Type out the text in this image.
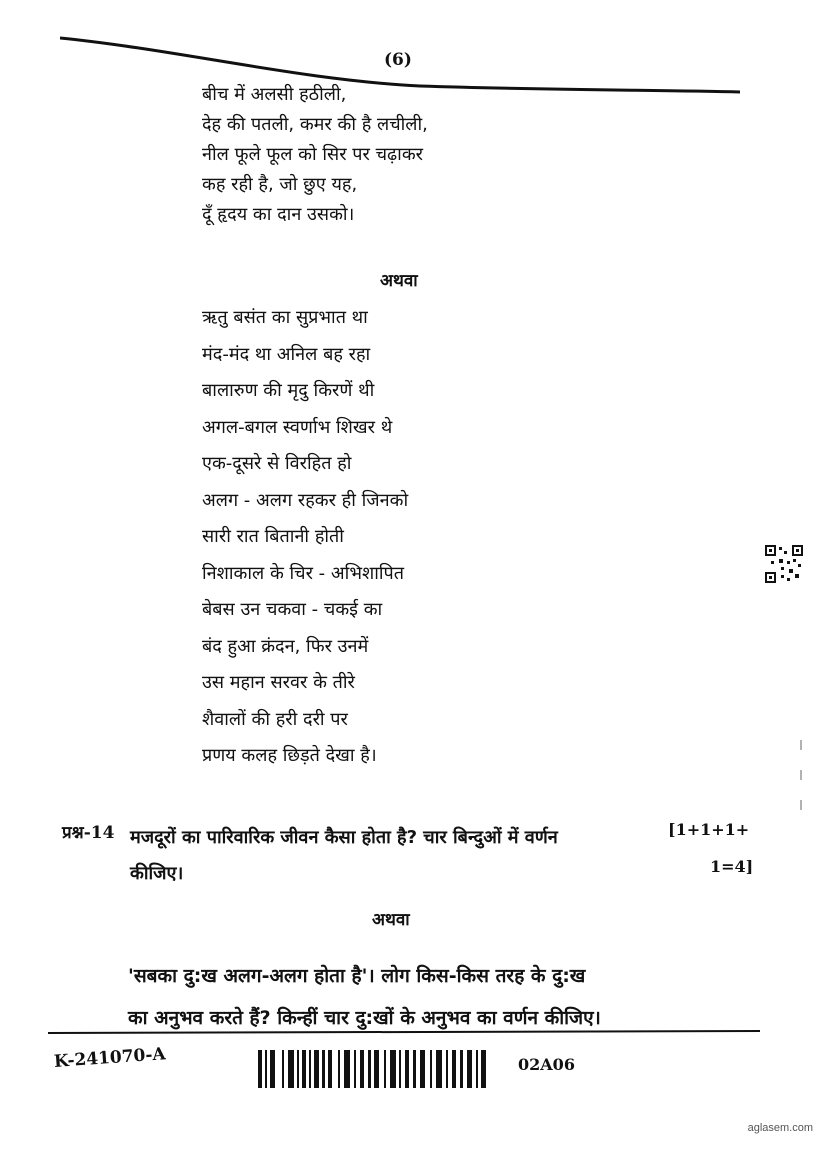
(6)
बीच में अलसी हठीली,
देह की पतली, कमर की है लचीली,
नील फूले फूल को सिर पर चढ़ाकर
कह रही है, जो छुए यह,
दूँ हृदय का दान उसको।
अथवा
ऋतु बसंत का सुप्रभात था
मंद-मंद था अनिल बह रहा
बालारुण की मृदु किरणें थी
अगल-बगल स्वर्णाभ शिखर थे
एक-दूसरे से विरहित हो
अलग - अलग रहकर ही जिनको
सारी रात बितानी होती
निशाकाल के चिर - अभिशापित
बेबस उन चकवा - चकई का
बंद हुआ क्रंदन, फिर उनमें
उस महान सरवर के तीरे
शैवालों की हरी दरी पर
प्रणय कलह छिड़ते देखा है।
प्रश्न-14 मजदूरों का पारिवारिक जीवन कैसा होता है? चार बिन्दुओं में वर्णन
कीजिए।
[1+1+1+
1=4]
अथवा
'सबका दु:ख अलग-अलग होता है'। लोग किस-किस तरह के दु:ख
का अनुभव करते हैं? किन्हीं चार दु:खों के अनुभव का वर्णन कीजिए।
K-241070-A	02A06
aglasem.com
